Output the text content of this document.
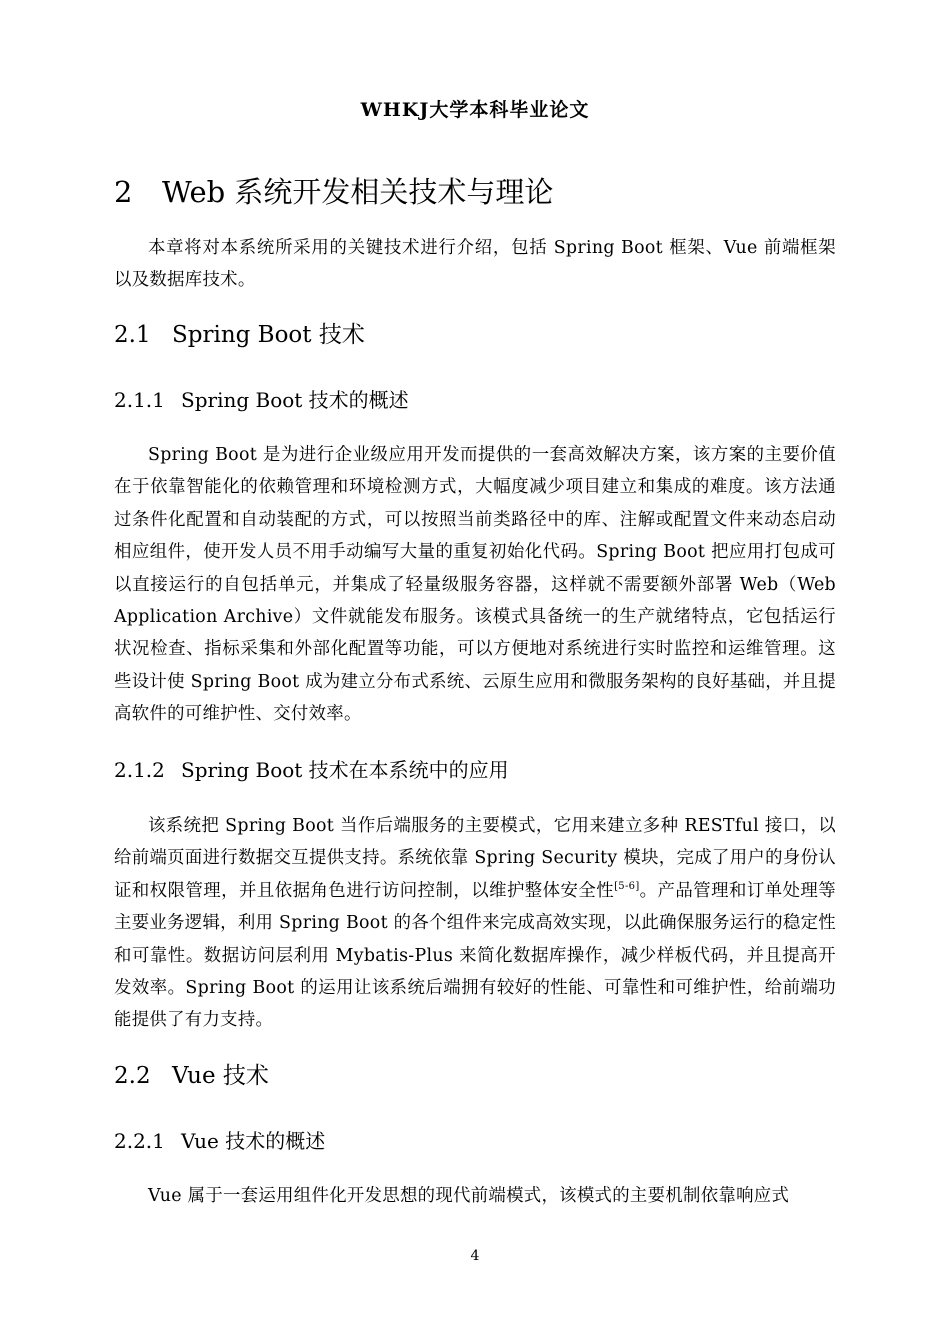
WHKJ大学本科毕业论文
2 Web 系统开发相关技术与理论

本章将对本系统所采用的关键技术进行介绍，包括 Spring Boot 框架、Vue 前端框架以及数据库技术。

2.1 Spring Boot 技术
2.1.1 Spring Boot 技术的概述

Spring Boot 是为进行企业级应用开发而提供的一套高效解决方案，该方案的主要价值在于依靠智能化的依赖管理和环境检测方式，大幅度减少项目建立和集成的难度。该方法通过条件化配置和自动装配的方式，可以按照当前类路径中的库、注解或配置文件来动态启动相应组件，使开发人员不用手动编写大量的重复初始化代码。Spring Boot 把应用打包成可以直接运行的自包括单元，并集成了轻量级服务容器，这样就不需要额外部署 Web（Web Application Archive）文件就能发布服务。该模式具备统一的生产就绪特点，它包括运行状况检查、指标采集和外部化配置等功能，可以方便地对系统进行实时监控和运维管理。这些设计使 Spring Boot 成为建立分布式系统、云原生应用和微服务架构的良好基础，并且提高软件的可维护性、交付效率。

2.1.2 Spring Boot 技术在本系统中的应用

该系统把 Spring Boot 当作后端服务的主要模式，它用来建立多种 RESTful 接口，以给前端页面进行数据交互提供支持。系统依靠 Spring Security 模块，完成了用户的身份认证和权限管理，并且依据角色进行访问控制，以维护整体安全性[5-6]。产品管理和订单处理等主要业务逻辑，利用 Spring Boot 的各个组件来完成高效实现，以此确保服务运行的稳定性和可靠性。数据访问层利用 Mybatis-Plus 来简化数据库操作，减少样板代码，并且提高开发效率。Spring Boot 的运用让该系统后端拥有较好的性能、可靠性和可维护性，给前端功能提供了有力支持。

2.2 Vue 技术
2.2.1 Vue 技术的概述

Vue 属于一套运用组件化开发思想的现代前端模式，该模式的主要机制依靠响应式

4
